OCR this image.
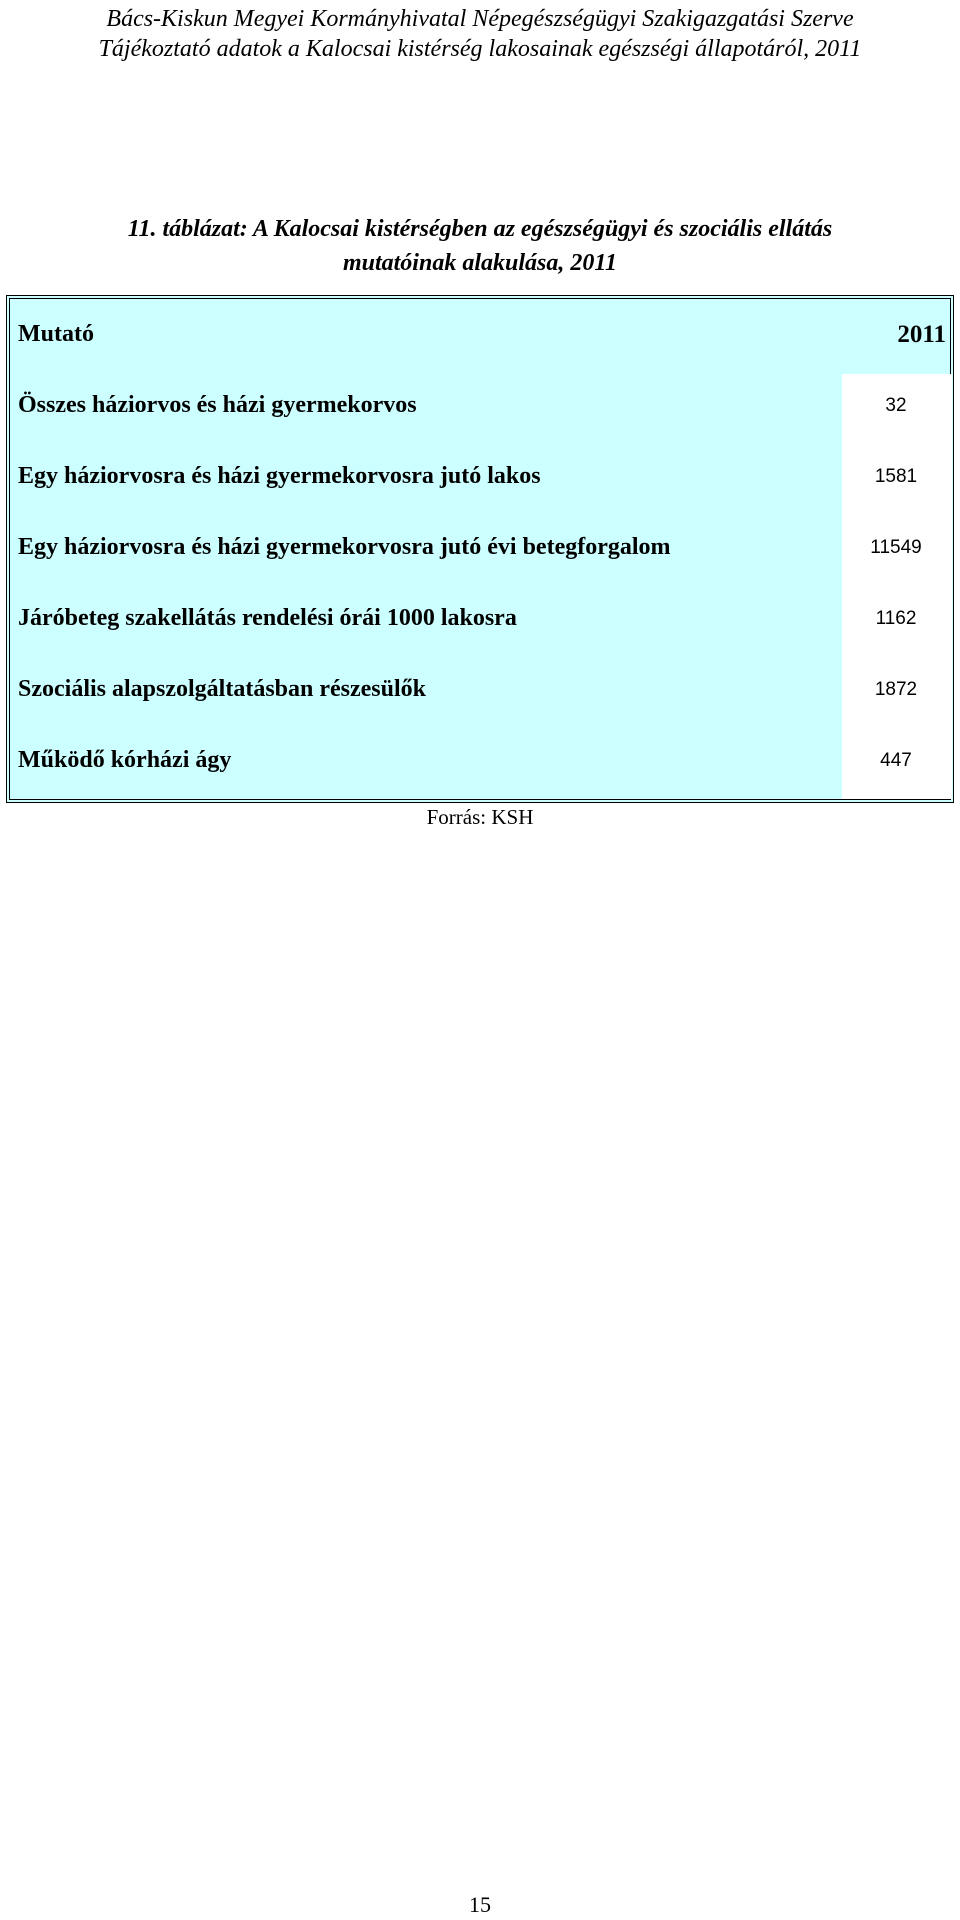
Bács-Kiskun Megyei Kormányhivatal Népegészségügyi Szakigazgatási Szerve
Tájékoztató adatok a Kalocsai kistérség lakosainak egészségi állapotáról, 2011
11. táblázat: A Kalocsai kistérségben az egészségügyi és szociális ellátás
mutatóinak alakulása, 2011
Mutató	2011
Összes háziorvos és házi gyermekorvos	32
Egy háziorvosra és házi gyermekorvosra jutó lakos	1581
Egy háziorvosra és házi gyermekorvosra jutó évi betegforgalom	11549
Járóbeteg szakellátás rendelési órái 1000 lakosra	1162
Szociális alapszolgáltatásban részesülők	1872
Működő kórházi ágy	447
Forrás: KSH
15
